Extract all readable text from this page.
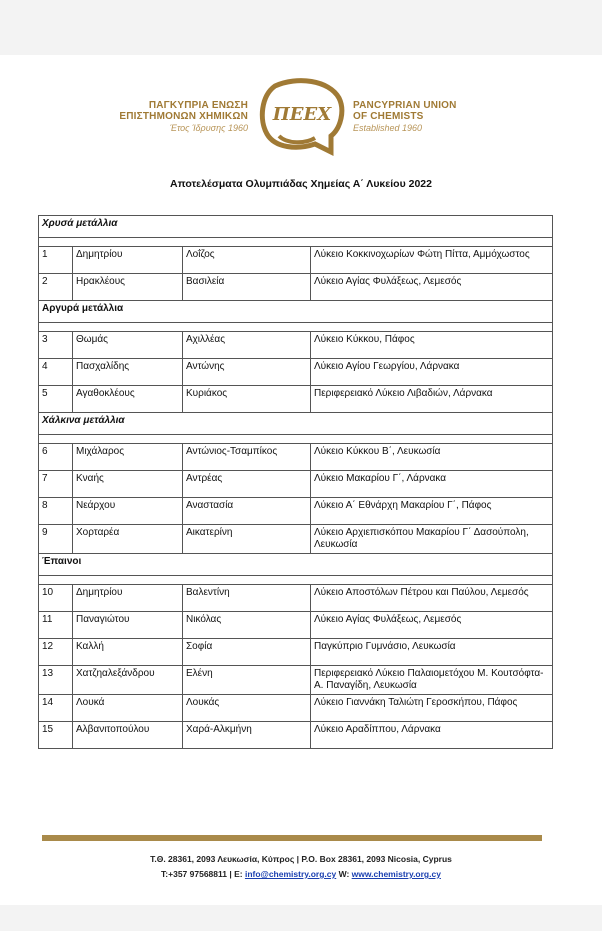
ΠΑΓΚΥΠΡΙΑ ΕΝΩΣΗ
ΕΠΙΣΤΗΜΟΝΩΝ ΧΗΜΙΚΩΝ
Έτος Ίδρυσης 1960
ΠΕΕΧ PANCYPRIAN UNION
OF CHEMISTS
Established 1960
Αποτελέσματα Ολυμπιάδας Χημείας Α΄ Λυκείου 2022
Χρυσά μετάλλια			

1	Δημητρίου	Λοΐζος	Λύκειο Κοκκινοχωρίων Φώτη Πίττα, Αμμόχωστος
2	Ηρακλέους	Βασιλεία	Λύκειο Αγίας Φυλάξεως, Λεμεσός
Αργυρά μετάλλια			

3	Θωμάς	Αχιλλέας	Λύκειο Κύκκου, Πάφος
4	Πασχαλίδης	Αντώνης	Λύκειο Αγίου Γεωργίου, Λάρνακα
5	Αγαθοκλέους	Κυριάκος	Περιφερειακό Λύκειο Λιβαδιών, Λάρνακα
Χάλκινα μετάλλια			

6	Μιχάλαρος	Αντώνιος-Τσαμπίκος	Λύκειο Κύκκου Β΄, Λευκωσία
7	Κναής	Αντρέας	Λύκειο Μακαρίου Γ΄, Λάρνακα
8	Νεάρχου	Αναστασία	Λύκειο Α΄ Εθνάρχη Μακαρίου Γ΄, Πάφος
9	Χορταρέα	Αικατερίνη	Λύκειο Αρχιεπισκόπου Μακαρίου Γ΄ Δασούπολη, Λευκωσία
Έπαινοι			

10	Δημητρίου	Βαλεντίνη	Λύκειο Αποστόλων Πέτρου και Παύλου, Λεμεσός
11	Παναγιώτου	Νικόλας	Λύκειο Αγίας Φυλάξεως, Λεμεσός
12	Καλλή	Σοφία	Παγκύπριο Γυμνάσιο, Λευκωσία
13	Χατζηαλεξάνδρου	Ελένη	Περιφερειακό Λύκειο Παλαιομετόχου Μ. Κουτσόφτα- Α. Παναγίδη, Λευκωσία
14	Λουκά	Λουκάς	Λύκειο Γιαννάκη Ταλιώτη Γεροσκήπου, Πάφος
15	Αλβανιτοπούλου	Χαρά-Αλκμήνη	Λύκειο Αραδίππου, Λάρνακα
Τ.Θ. 28361, 2093 Λευκωσία, Κύπρος | P.O. Box 28361, 2093 Nicosia, Cyprus
T:+357 97568811 | E: info@chemistry.org.cy W: www.chemistry.org.cy
